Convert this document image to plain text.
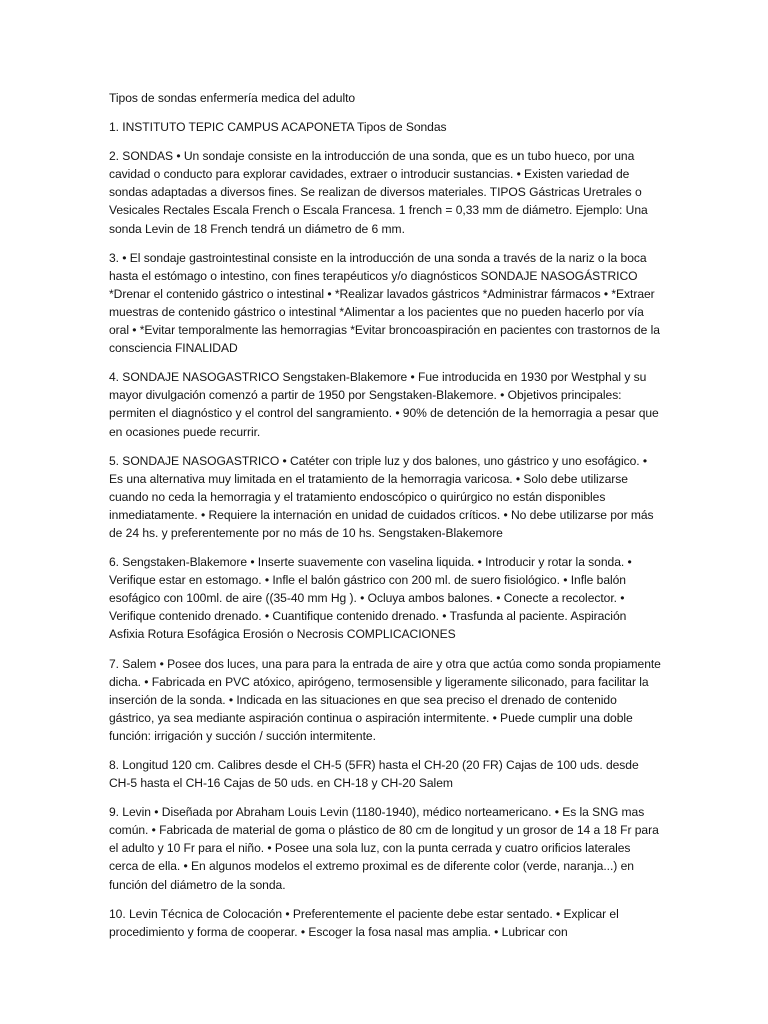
Tipos de sondas enfermería medica del adulto
1. INSTITUTO TEPIC CAMPUS ACAPONETA Tipos de Sondas
2. SONDAS • Un sondaje consiste en la introducción de una sonda, que es un tubo hueco, por una cavidad o conducto para explorar cavidades, extraer o introducir sustancias. • Existen variedad de sondas adaptadas a diversos fines. Se realizan de diversos materiales. TIPOS Gástricas Uretrales o Vesicales Rectales Escala French o Escala Francesa. 1 french = 0,33 mm de diámetro. Ejemplo: Una sonda Levin de 18 French tendrá un diámetro de 6 mm.
3. • El sondaje gastrointestinal consiste en la introducción de una sonda a través de la nariz o la boca hasta el estómago o intestino, con fines terapéuticos y/o diagnósticos SONDAJE NASOGÁSTRICO *Drenar el contenido gástrico o intestinal • *Realizar lavados gástricos *Administrar fármacos • *Extraer muestras de contenido gástrico o intestinal *Alimentar a los pacientes que no pueden hacerlo por vía oral • *Evitar temporalmente las hemorragias *Evitar broncoaspiración en pacientes con trastornos de la consciencia FINALIDAD
4. SONDAJE NASOGASTRICO Sengstaken-Blakemore • Fue introducida en 1930 por Westphal y su mayor divulgación comenzó a partir de 1950 por Sengstaken-Blakemore. • Objetivos principales: permiten el diagnóstico y el control del sangramiento. • 90% de detención de la hemorragia a pesar que en ocasiones puede recurrir.
5. SONDAJE NASOGASTRICO • Catéter con triple luz y dos balones, uno gástrico y uno esofágico. • Es una alternativa muy limitada en el tratamiento de la hemorragia varicosa. • Solo debe utilizarse cuando no ceda la hemorragia y el tratamiento endoscópico o quirúrgico no están disponibles inmediatamente. • Requiere la internación en unidad de cuidados críticos. • No debe utilizarse por más de 24 hs. y preferentemente por no más de 10 hs. Sengstaken-Blakemore
6. Sengstaken-Blakemore • Inserte suavemente con vaselina liquida. • Introducir y rotar la sonda. • Verifique estar en estomago. • Infle el balón gástrico con 200 ml. de suero fisiológico. • Infle balón esofágico con 100ml. de aire ((35-40 mm Hg ). • Ocluya ambos balones. • Conecte a recolector. • Verifique contenido drenado. • Cuantifique contenido drenado. • Trasfunda al paciente. Aspiración Asfixia Rotura Esofágica Erosión o Necrosis COMPLICACIONES
7. Salem • Posee dos luces, una para para la entrada de aire y otra que actúa como sonda propiamente dicha. • Fabricada en PVC atóxico, apirógeno, termosensible y ligeramente siliconado, para facilitar la inserción de la sonda. • Indicada en las situaciones en que sea preciso el drenado de contenido gástrico, ya sea mediante aspiración continua o aspiración intermitente. • Puede cumplir una doble función: irrigación y succión / succión intermitente.
8. Longitud 120 cm. Calibres desde el CH-5 (5FR) hasta el CH-20 (20 FR) Cajas de 100 uds. desde CH-5 hasta el CH-16 Cajas de 50 uds. en CH-18 y CH-20 Salem
9. Levin • Diseñada por Abraham Louis Levin (1180-1940), médico norteamericano. • Es la SNG mas común. • Fabricada de material de goma o plástico de 80 cm de longitud y un grosor de 14 a 18 Fr para el adulto y 10 Fr para el niño. • Posee una sola luz, con la punta cerrada y cuatro orificios laterales cerca de ella. • En algunos modelos el extremo proximal es de diferente color (verde, naranja...) en función del diámetro de la sonda.
10. Levin Técnica de Colocación • Preferentemente el paciente debe estar sentado. • Explicar el procedimiento y forma de cooperar. • Escoger la fosa nasal mas amplia. • Lubricar con
